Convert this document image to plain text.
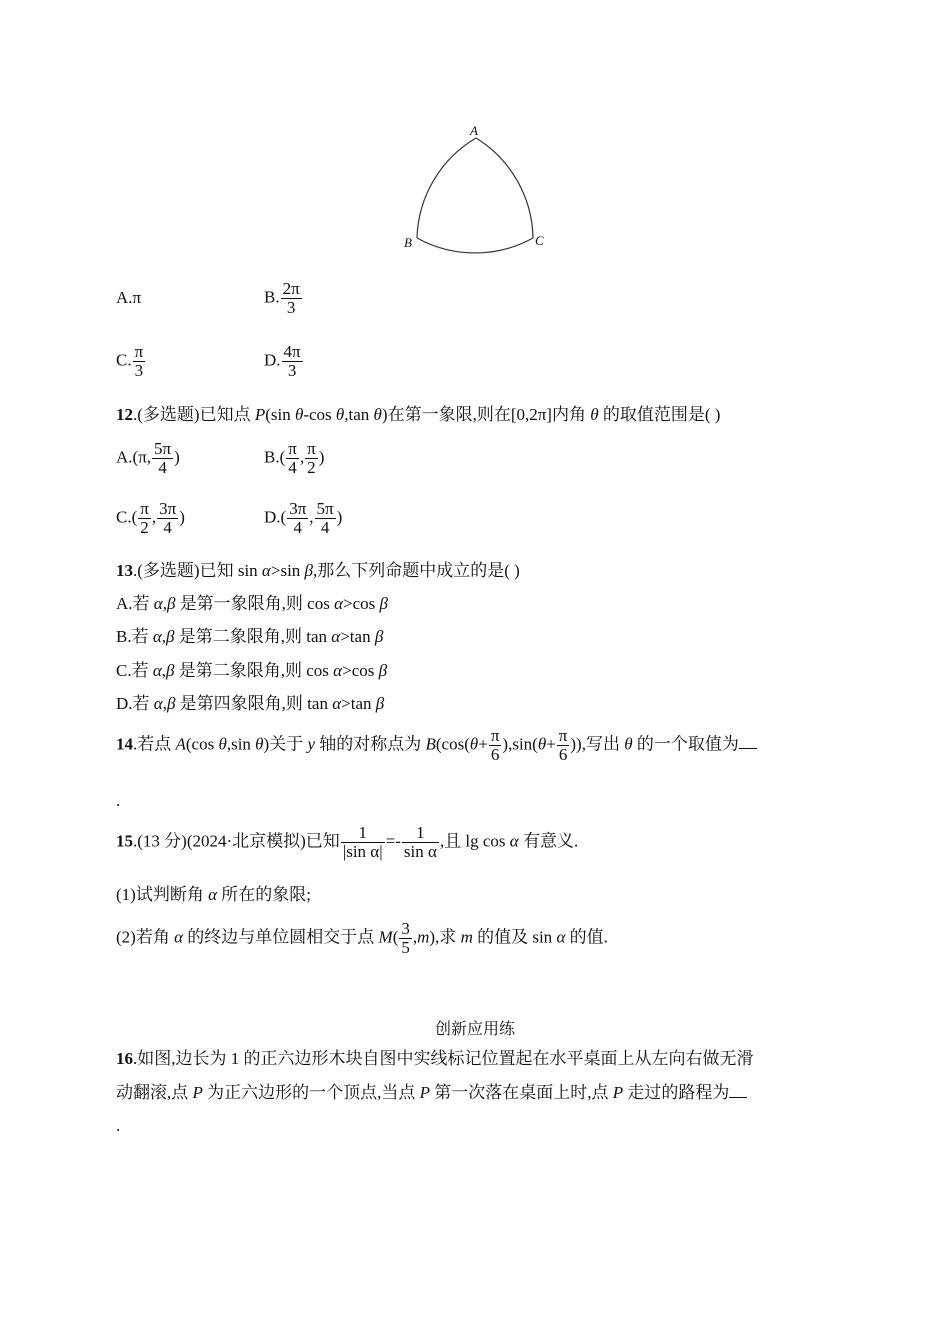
A
B	C
A.π	B. $\frac{2\pi}{3}$
C. $\frac{\pi}{3}$	D. $\frac{4\pi}{3}$
12.(多选题)已知点 P(sin θ-cos θ,tan θ)在第一象限,则在[0,2π]内角 θ 的取值范围是( )
A.(π, $\frac{5\pi}{4}$ )	$B.( \frac{\pi}{4}$ , $\frac{\pi}{2}$ )
$C.( \frac{\pi}{2}$ , $\frac{3\pi}{4}$ )	$D.( \frac{3\pi}{4}$ , $\frac{5\pi}{4}$ )
13.(多选题)已知 sin α>sin β,那么下列命题中成立的是( )
A.若 α,β 是第一象限角,则 cos α>cos β
B.若 α,β 是第二象限角,则 tan α>tan β
C.若 α,β 是第二象限角,则 cos α>cos β
D.若 α,β 是第四象限角,则 tan α>tan β
14.若点 A(cos θ,sin θ)关于 y 轴的对称点为 $B(\cos(\theta+ \frac{\pi}{6} ),\sin(\theta+ \frac{\pi}{6}$ )),写出 θ 的一个取值为
.
15.(13 分)(2024·北京模拟)已知 $\frac{1}{\text{|sin α|}} =- \frac{1}{\text{sin α}}$ ,且 lg cos α 有意义.
(1)试判断角 α 所在的象限;
(2)若角 α 的终边与单位圆相交于点 $M( \frac{3}{5} ,m)$,求 m 的值及 sin α 的值.
创新应用练
16.如图,边长为 1 的正六边形木块自图中实线标记位置起在水平桌面上从左向右做无滑
动翻滚,点 P 为正六边形的一个顶点,当点 P 第一次落在桌面上时,点 P 走过的路程为
.
